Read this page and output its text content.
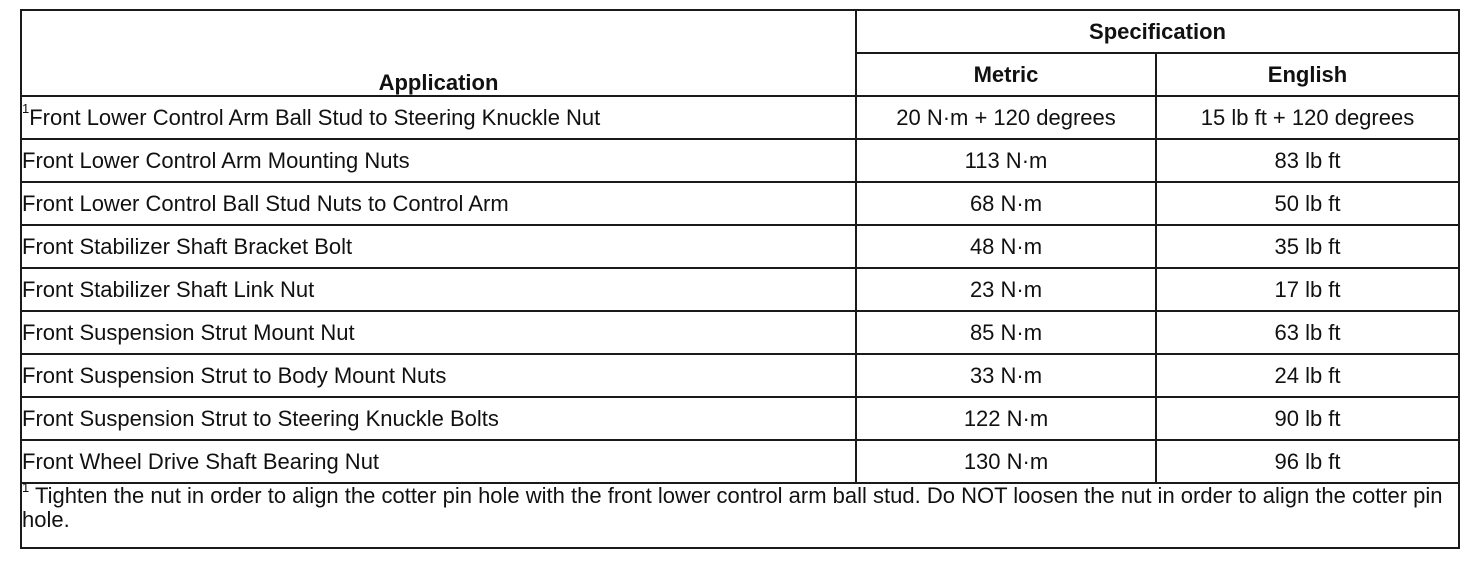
Application	Specification	
	Metric	English
$^1$Front Lower Control Arm Ball Stud to Steering Knuckle Nut	20 N·m + 120 degrees	15 lb ft + 120 degrees
Front Lower Control Arm Mounting Nuts	113 N·m	83 lb ft
Front Lower Control Ball Stud Nuts to Control Arm	68 N·m	50 lb ft
Front Stabilizer Shaft Bracket Bolt	48 N·m	35 lb ft
Front Stabilizer Shaft Link Nut	23 N·m	17 lb ft
Front Suspension Strut Mount Nut	85 N·m	63 lb ft
Front Suspension Strut to Body Mount Nuts	33 N·m	24 lb ft
Front Suspension Strut to Steering Knuckle Bolts	122 N·m	90 lb ft
Front Wheel Drive Shaft Bearing Nut	130 N·m	96 lb ft
$^1$ Tighten the nut in order to align the cotter pin hole with the front lower control arm ball stud. Do NOT loosen the nut in order to align the cotter pin hole.		
